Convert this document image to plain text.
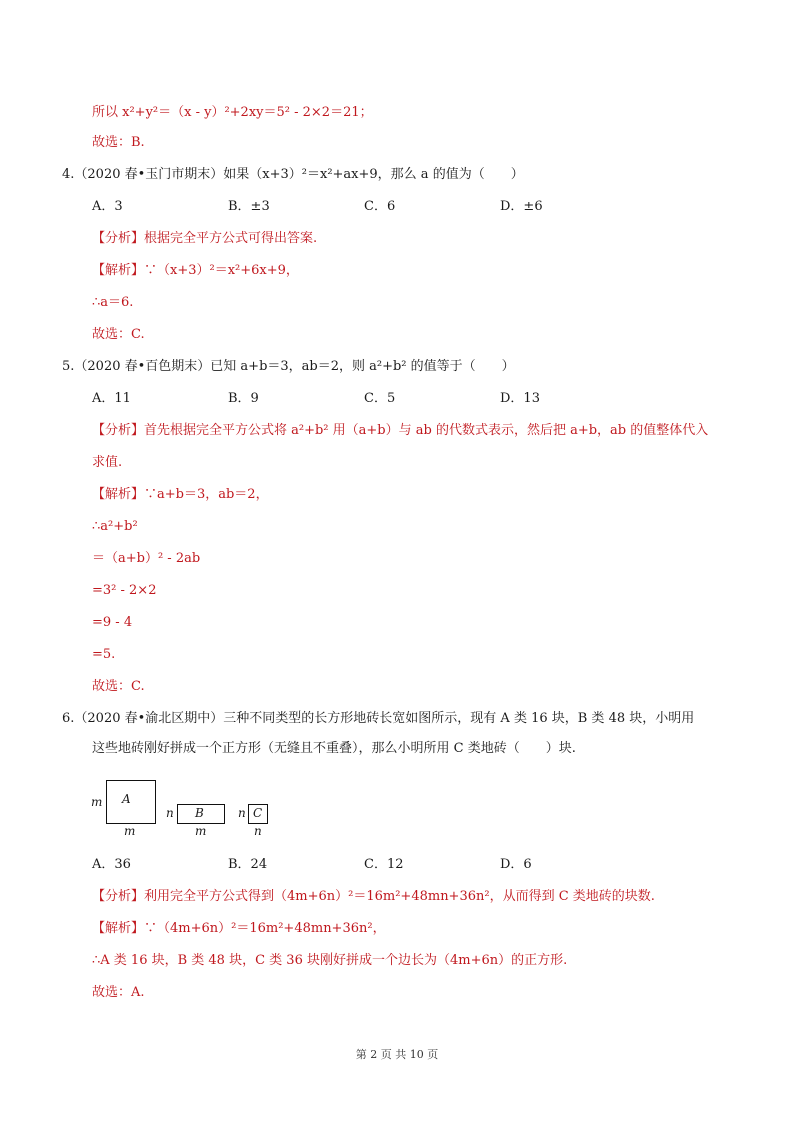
所以 x²+y²＝（x - y）²+2xy＝5² - 2×2＝21；
故选：B.
4.（2020 春•玉门市期末）如果（x+3）²＝x²+ax+9，那么 a 的值为（　　）
A．3	B．±3	C．6	D．±6
【分析】根据完全平方公式可得出答案.
【解析】∵（x+3）²＝x²+6x+9，
∴a＝6.
故选：C.
5.（2020 春•百色期末）已知 a+b＝3，ab＝2，则 a²+b² 的值等于（　　）
A．11	B．9	C．5	D．13
【分析】首先根据完全平方公式将 a²+b² 用（a+b）与 ab 的代数式表示，然后把 a+b，ab 的值整体代入
求值.
【解析】∵a+b＝3，ab＝2，
∴a²+b²
＝（a+b）² - 2ab
=3² - 2×2
=9 - 4
=5.
故选：C.
6.（2020 春•渝北区期中）三种不同类型的长方形地砖长宽如图所示，现有 A 类 16 块，B 类 48 块，小明用
这些地砖刚好拼成一个正方形（无缝且不重叠），那么小明所用 C 类地砖（　　）块.
A
m
m
B
n
m
C
n
n
A．36	B．24	C．12	D．6
【分析】利用完全平方公式得到（4m+6n）²＝16m²+48mn+36n²，从而得到 C 类地砖的块数.
【解析】∵（4m+6n）²＝16m²+48mn+36n²，
∴A 类 16 块，B 类 48 块，C 类 36 块刚好拼成一个边长为（4m+6n）的正方形.
故选：A.
第 2 页 共 10 页
